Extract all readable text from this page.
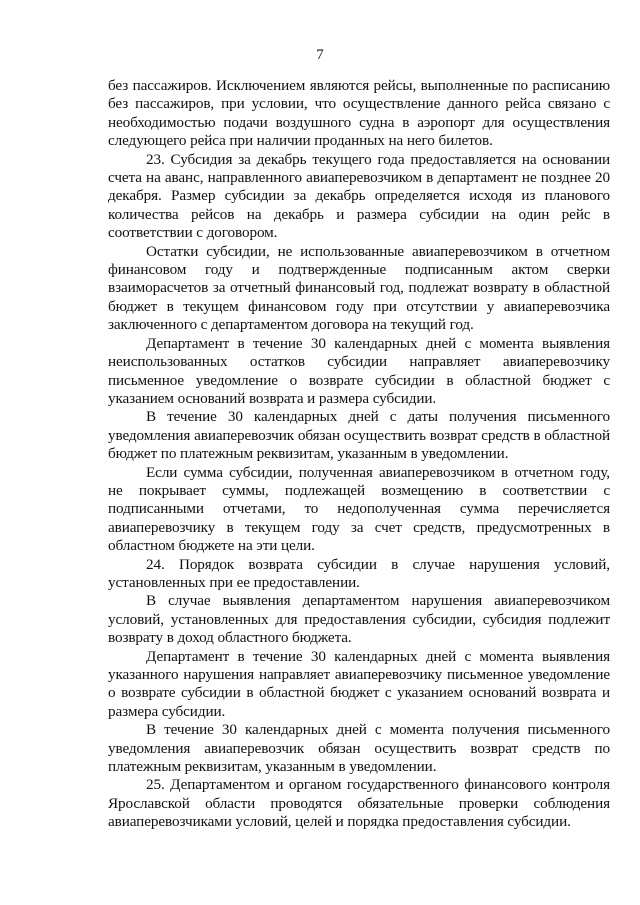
7

без пассажиров. Исключением являются рейсы, выполненные по расписанию без пассажиров, при условии, что осуществление данного рейса связано с необходимостью подачи воздушного судна в аэропорт для осуществления следующего рейса при наличии проданных на него билетов.

23. Субсидия за декабрь текущего года предоставляется на основании счета на аванс, направленного авиаперевозчиком в департамент не позднее 20 декабря. Размер субсидии за декабрь определяется исходя из планового количества рейсов на декабрь и размера субсидии на один рейс в соответствии с договором.

Остатки субсидии, не использованные авиаперевозчиком в отчетном финансовом году и подтвержденные подписанным актом сверки взаиморасчетов за отчетный финансовый год, подлежат возврату в областной бюджет в текущем финансовом году при отсутствии у авиаперевозчика заключенного с департаментом договора на текущий год.

Департамент в течение 30 календарных дней с момента выявления неиспользованных остатков субсидии направляет авиаперевозчику письменное уведомление о возврате субсидии в областной бюджет с указанием оснований возврата и размера субсидии.

В течение 30 календарных дней с даты получения письменного уведомления авиаперевозчик обязан осуществить возврат средств в областной бюджет по платежным реквизитам, указанным в уведомлении.

Если сумма субсидии, полученная авиаперевозчиком в отчетном году, не покрывает суммы, подлежащей возмещению в соответствии с подписанными отчетами, то недополученная сумма перечисляется авиаперевозчику в текущем году за счет средств, предусмотренных в областном бюджете на эти цели.

24. Порядок возврата субсидии в случае нарушения условий, установленных при ее предоставлении.

В случае выявления департаментом нарушения авиаперевозчиком условий, установленных для предоставления субсидии, субсидия подлежит возврату в доход областного бюджета.

Департамент в течение 30 календарных дней с момента выявления указанного нарушения направляет авиаперевозчику письменное уведомление о возврате субсидии в областной бюджет с указанием оснований возврата и размера субсидии.

В течение 30 календарных дней с момента получения письменного уведомления авиаперевозчик обязан осуществить возврат средств по платежным реквизитам, указанным в уведомлении.

25. Департаментом и органом государственного финансового контроля Ярославской области проводятся обязательные проверки соблюдения авиаперевозчиками условий, целей и порядка предоставления субсидии.
